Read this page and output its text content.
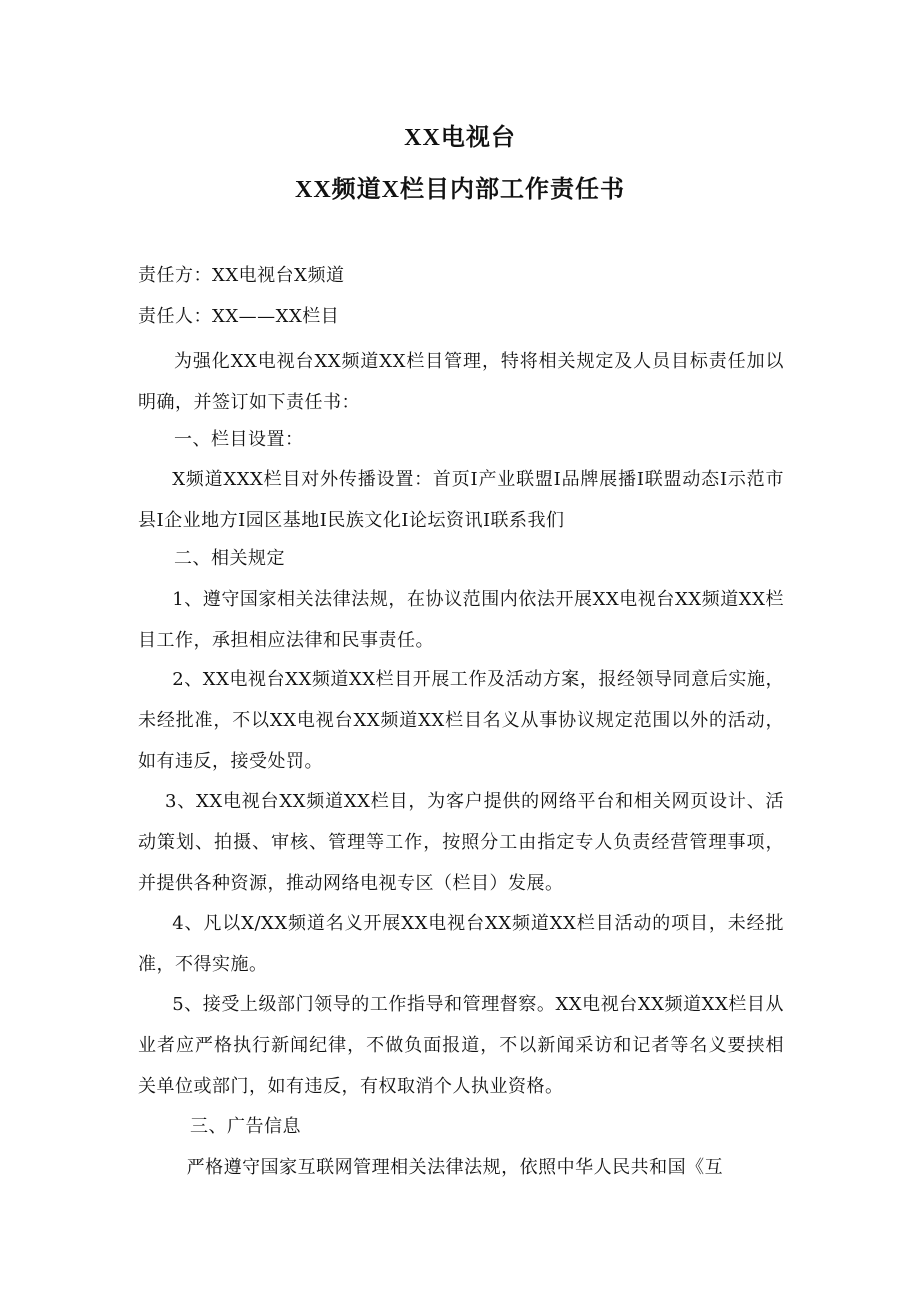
XX电视台
XX频道X栏目内部工作责任书
责任方：XX电视台X频道
责任人：XX——XX栏目
为强化XX电视台XX频道XX栏目管理，特将相关规定及人员目标责任加以明确，并签订如下责任书：
一、栏目设置：
X频道XXX栏目对外传播设置：首页I产业联盟I品牌展播I联盟动态I示范市县I企业地方I园区基地I民族文化I论坛资讯I联系我们
二、相关规定
1、遵守国家相关法律法规，在协议范围内依法开展XX电视台XX频道XX栏目工作，承担相应法律和民事责任。
2、XX电视台XX频道XX栏目开展工作及活动方案，报经领导同意后实施，未经批准，不以XX电视台XX频道XX栏目名义从事协议规定范围以外的活动，如有违反，接受处罚。
3、XX电视台XX频道XX栏目，为客户提供的网络平台和相关网页设计、活动策划、拍摄、审核、管理等工作，按照分工由指定专人负责经营管理事项，并提供各种资源，推动网络电视专区（栏目）发展。
4、凡以X/XX频道名义开展XX电视台XX频道XX栏目活动的项目，未经批准，不得实施。
5、接受上级部门领导的工作指导和管理督察。XX电视台XX频道XX栏目从业者应严格执行新闻纪律，不做负面报道，不以新闻采访和记者等名义要挟相关单位或部门，如有违反，有权取消个人执业资格。
三、广告信息
严格遵守国家互联网管理相关法律法规，依照中华人民共和国《互
